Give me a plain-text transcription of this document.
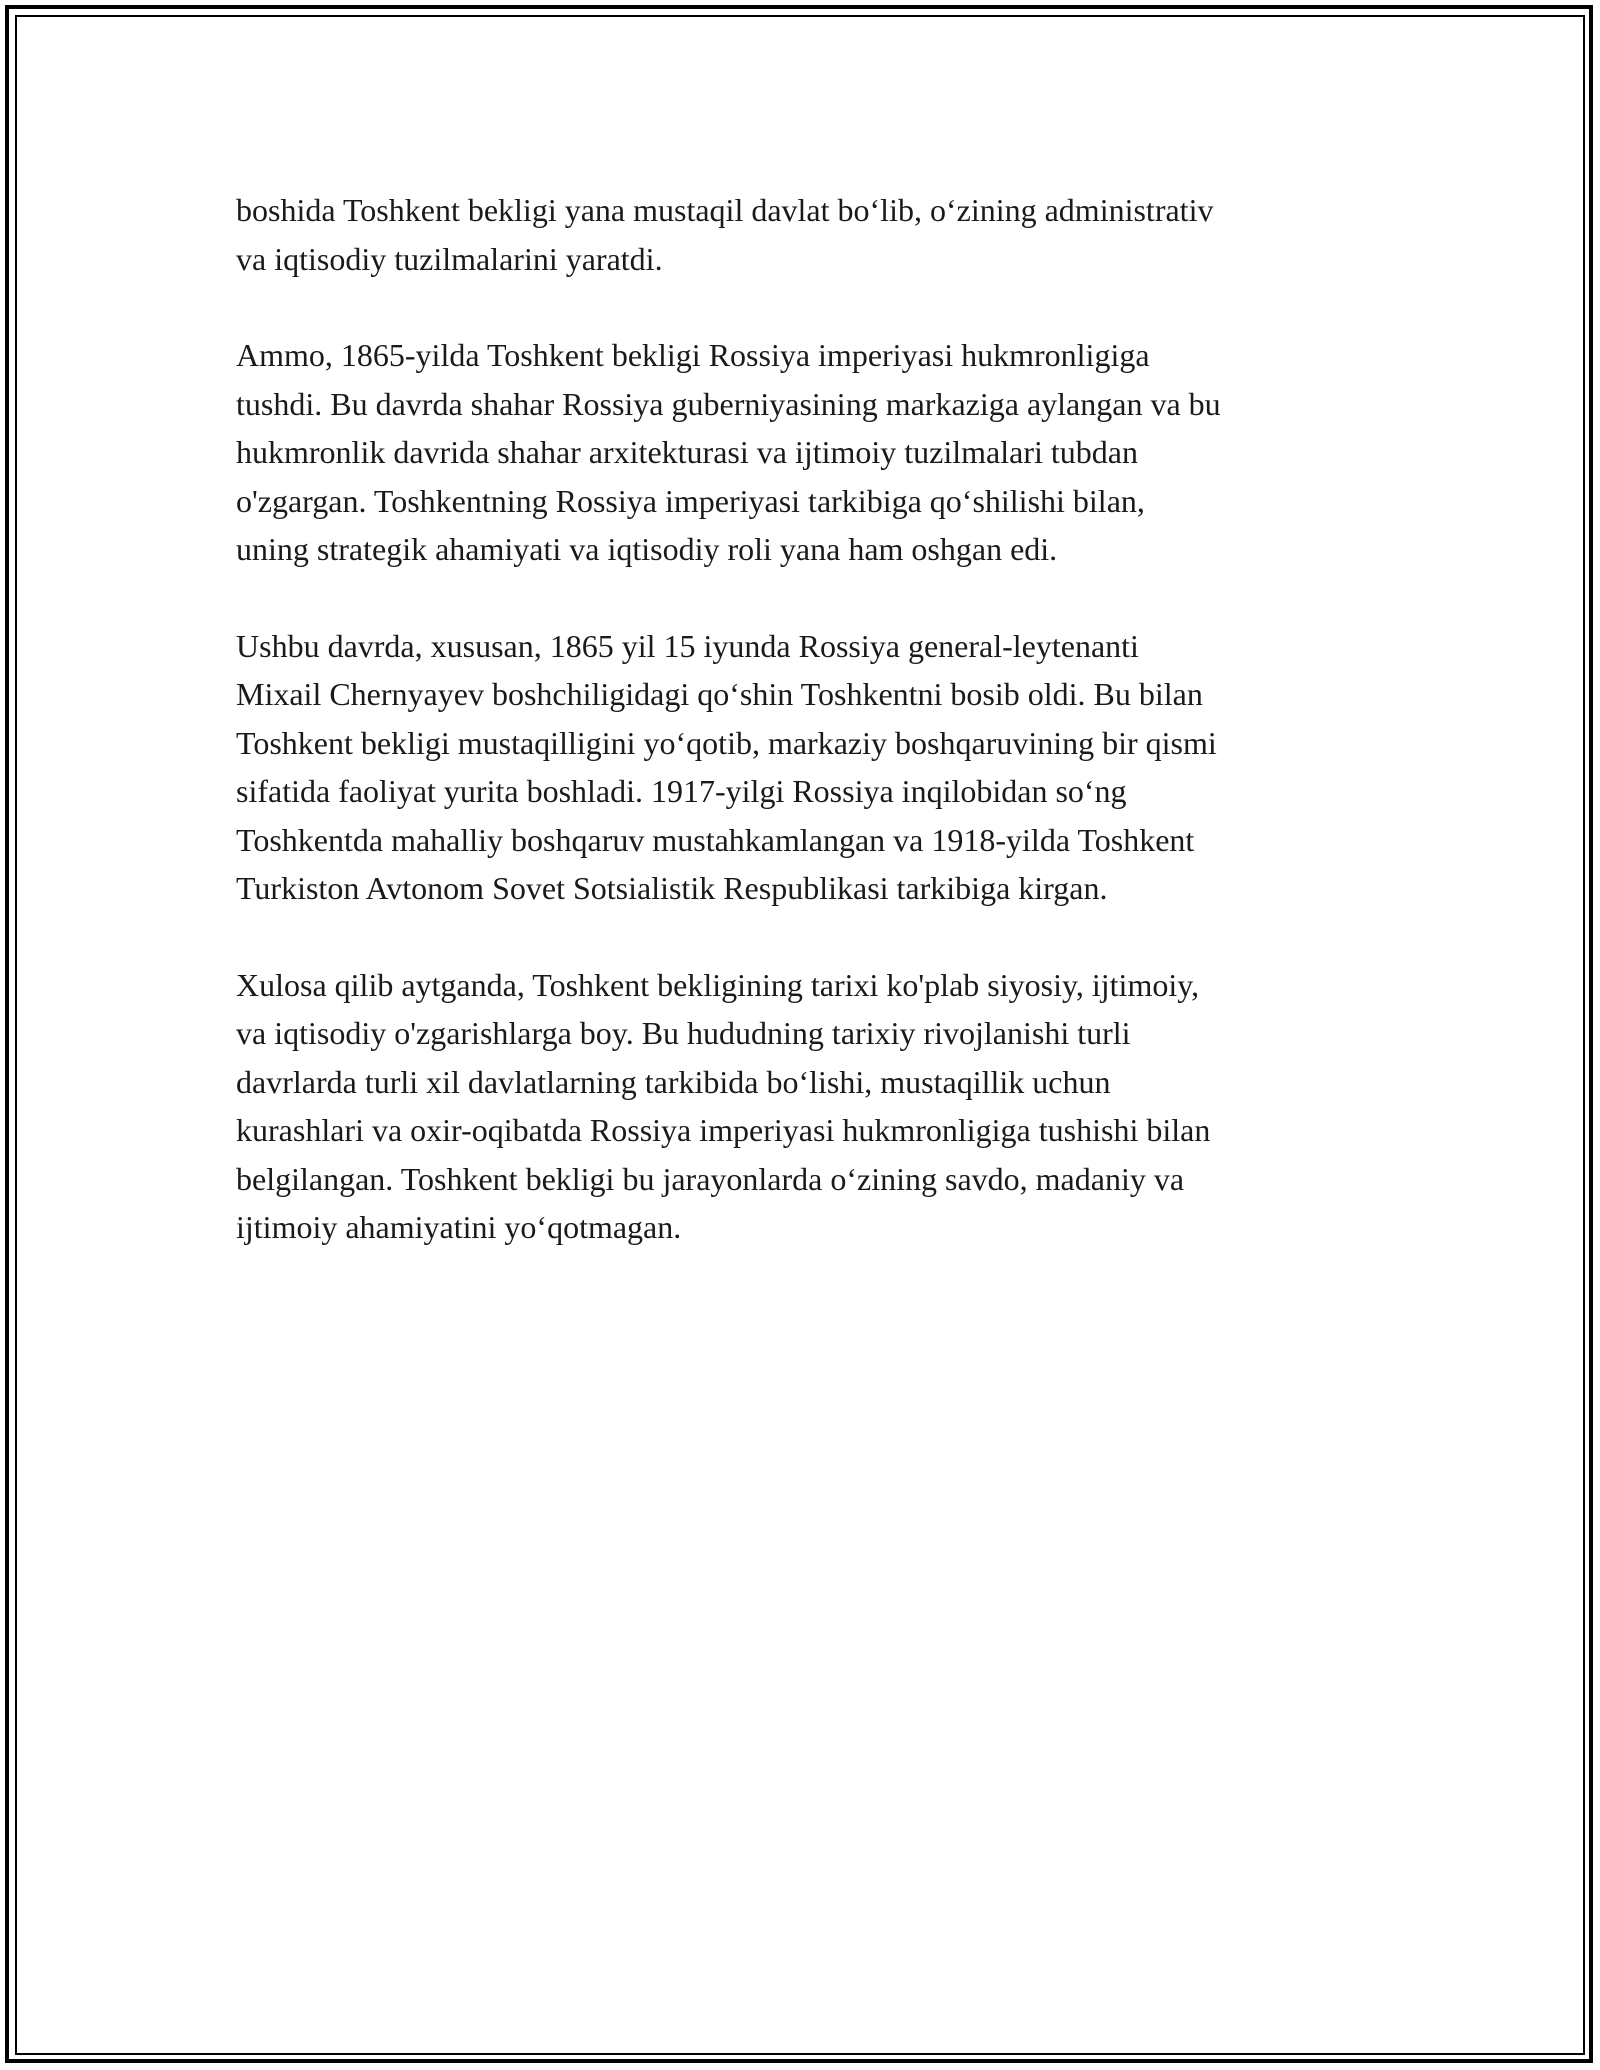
boshida Toshkent bekligi yana mustaqil davlat bo‘lib, o‘zining administrativ
va iqtisodiy tuzilmalarini yaratdi.

Ammo, 1865-yilda Toshkent bekligi Rossiya imperiyasi hukmronligiga
tushdi. Bu davrda shahar Rossiya guberniyasining markaziga aylangan va bu
hukmronlik davrida shahar arxitekturasi va ijtimoiy tuzilmalari tubdan
o'zgargan. Toshkentning Rossiya imperiyasi tarkibiga qo‘shilishi bilan,
uning strategik ahamiyati va iqtisodiy roli yana ham oshgan edi.

Ushbu davrda, xususan, 1865 yil 15 iyunda Rossiya general-leytenanti
Mixail Chernyayev boshchiligidagi qo‘shin Toshkentni bosib oldi. Bu bilan
Toshkent bekligi mustaqilligini yo‘qotib, markaziy boshqaruvining bir qismi
sifatida faoliyat yurita boshladi. 1917-yilgi Rossiya inqilobidan so‘ng
Toshkentda mahalliy boshqaruv mustahkamlangan va 1918-yilda Toshkent
Turkiston Avtonom Sovet Sotsialistik Respublikasi tarkibiga kirgan.

Xulosa qilib aytganda, Toshkent bekligining tarixi ko'plab siyosiy, ijtimoiy,
va iqtisodiy o'zgarishlarga boy. Bu hududning tarixiy rivojlanishi turli
davrlarda turli xil davlatlarning tarkibida bo‘lishi, mustaqillik uchun
kurashlari va oxir-oqibatda Rossiya imperiyasi hukmronligiga tushishi bilan
belgilangan. Toshkent bekligi bu jarayonlarda o‘zining savdo, madaniy va
ijtimoiy ahamiyatini yo‘qotmagan.
